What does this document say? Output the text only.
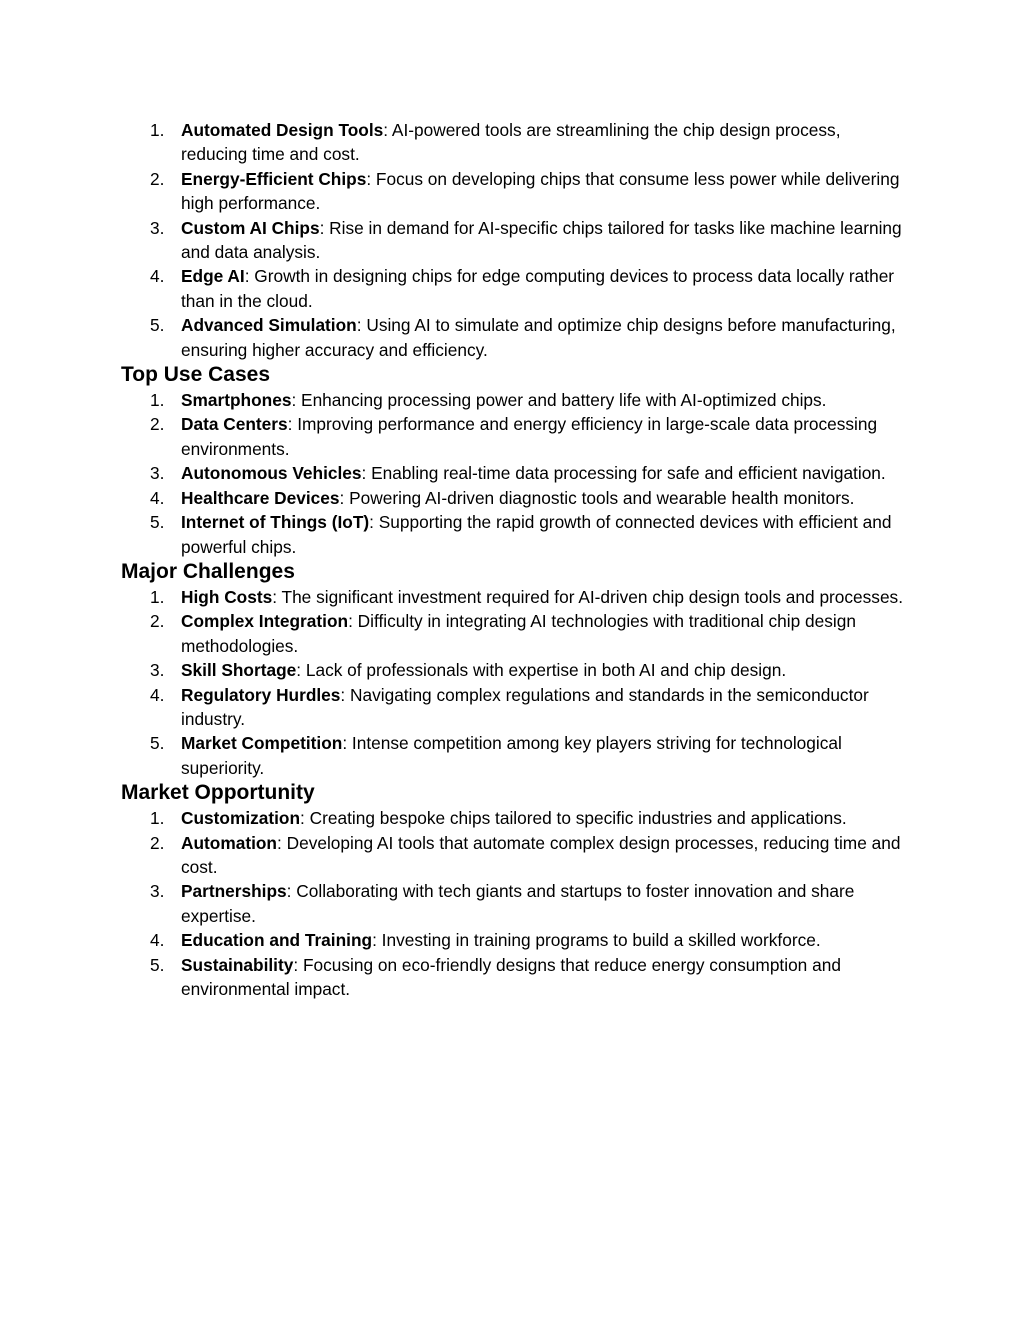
1. Automated Design Tools: AI-powered tools are streamlining the chip design process, reducing time and cost.
2. Energy-Efficient Chips: Focus on developing chips that consume less power while delivering high performance.
3. Custom AI Chips: Rise in demand for AI-specific chips tailored for tasks like machine learning and data analysis.
4. Edge AI: Growth in designing chips for edge computing devices to process data locally rather than in the cloud.
5. Advanced Simulation: Using AI to simulate and optimize chip designs before manufacturing, ensuring higher accuracy and efficiency.
Top Use Cases
1. Smartphones: Enhancing processing power and battery life with AI-optimized chips.
2. Data Centers: Improving performance and energy efficiency in large-scale data processing environments.
3. Autonomous Vehicles: Enabling real-time data processing for safe and efficient navigation.
4. Healthcare Devices: Powering AI-driven diagnostic tools and wearable health monitors.
5. Internet of Things (IoT): Supporting the rapid growth of connected devices with efficient and powerful chips.
Major Challenges
1. High Costs: The significant investment required for AI-driven chip design tools and processes.
2. Complex Integration: Difficulty in integrating AI technologies with traditional chip design methodologies.
3. Skill Shortage: Lack of professionals with expertise in both AI and chip design.
4. Regulatory Hurdles: Navigating complex regulations and standards in the semiconductor industry.
5. Market Competition: Intense competition among key players striving for technological superiority.
Market Opportunity
1. Customization: Creating bespoke chips tailored to specific industries and applications.
2. Automation: Developing AI tools that automate complex design processes, reducing time and cost.
3. Partnerships: Collaborating with tech giants and startups to foster innovation and share expertise.
4. Education and Training: Investing in training programs to build a skilled workforce.
5. Sustainability: Focusing on eco-friendly designs that reduce energy consumption and environmental impact.
